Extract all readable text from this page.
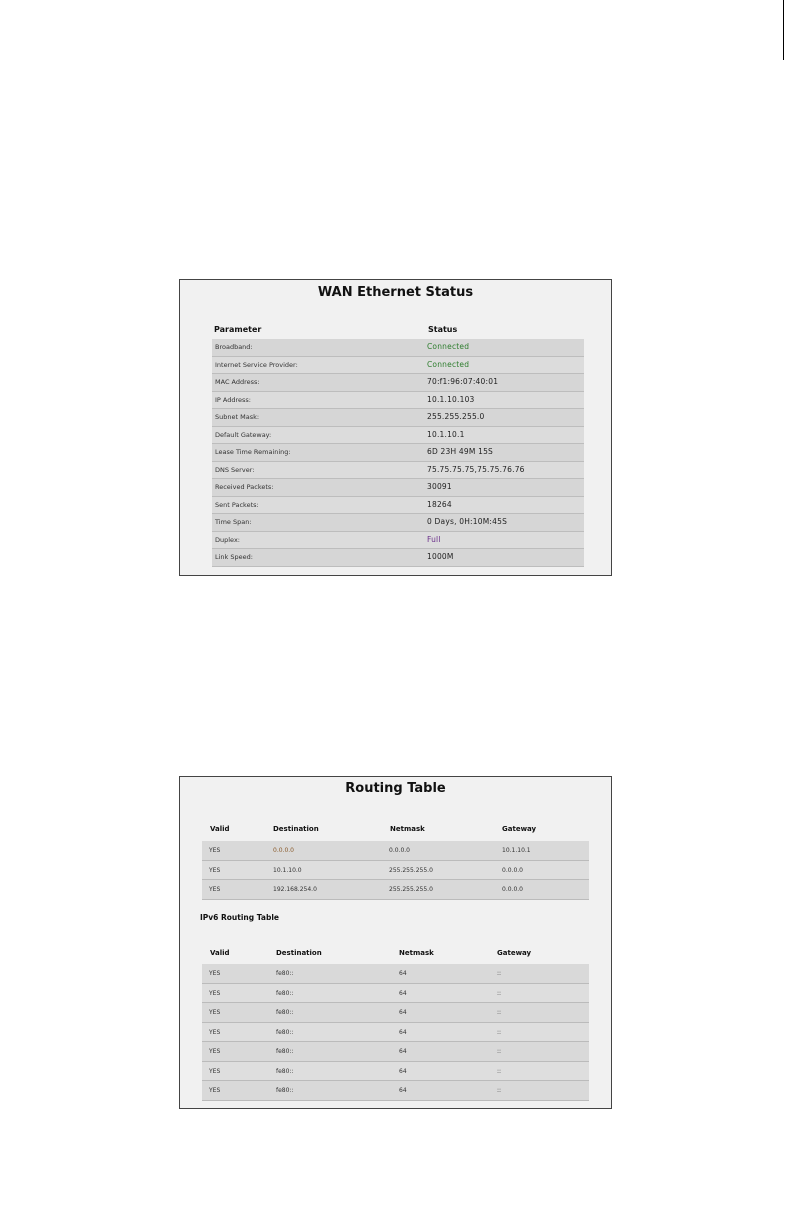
WAN Ethernet Status
Parameter	Status
Broadband:	Connected
Internet Service Provider:	Connected
MAC Address:	70:f1:96:07:40:01
IP Address:	10.1.10.103
Subnet Mask:	255.255.255.0
Default Gateway:	10.1.10.1
Lease Time Remaining:	6D 23H 49M 15S
DNS Server:	75.75.75.75,75.75.76.76
Received Packets:	30091
Sent Packets:	18264
Time Span:	0 Days, 0H:10M:45S
Duplex:	Full
Link Speed:	1000M
Routing Table
Valid	Destination	Netmask	Gateway
YES	0.0.0.0	0.0.0.0	10.1.10.1
YES	10.1.10.0	255.255.255.0	0.0.0.0
YES	192.168.254.0	255.255.255.0	0.0.0.0
IPv6 Routing Table
Valid	Destination	Netmask	Gateway
YES	fe80::	64	::
YES	fe80::	64	::
YES	fe80::	64	::
YES	fe80::	64	::
YES	fe80::	64	::
YES	fe80::	64	::
YES	fe80::	64	::
